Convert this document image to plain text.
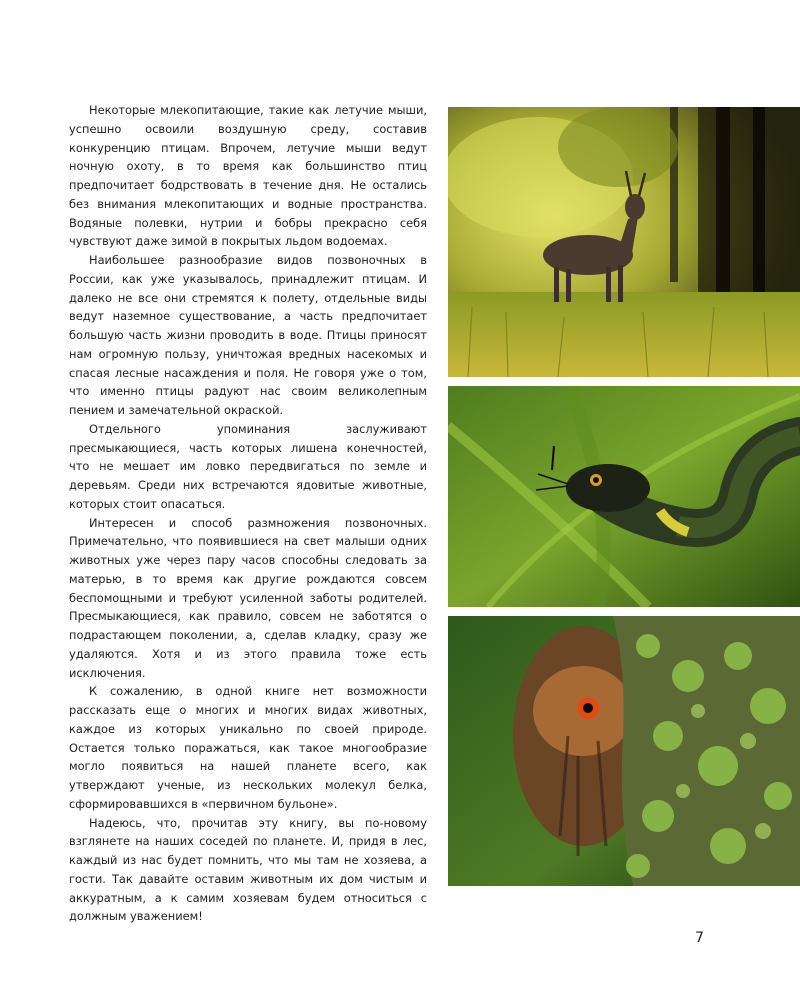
Некоторые млекопитающие, такие как летучие мыши, успешно освоили воздушную среду, составив конкуренцию птицам. Впрочем, летучие мыши ведут ночную охоту, в то время как большинство птиц предпочитает бодрствовать в течение дня. Не остались без внимания млекопитающих и водные пространства. Водяные полевки, нутрии и бобры прекрасно себя чувствуют даже зимой в покрытых льдом водоемах.

Наибольшее разнообразие видов позвоночных в России, как уже указывалось, принадлежит птицам. И далеко не все они стремятся к полету, отдельные виды ведут наземное существование, а часть предпочитает большую часть жизни проводить в воде. Птицы приносят нам огромную пользу, уничтожая вредных насекомых и спасая лесные насаждения и поля. Не говоря уже о том, что именно птицы радуют нас своим великолепным пением и замечательной окраской.

Отдельного упоминания заслуживают пресмыкающиеся, часть которых лишена конечностей, что не мешает им ловко передвигаться по земле и деревьям. Среди них встречаются ядовитые животные, которых стоит опасаться.

Интересен и способ размножения позвоночных. Примечательно, что появившиеся на свет малыши одних животных уже через пару часов способны следовать за матерью, в то время как другие рождаются совсем беспомощными и требуют усиленной заботы родителей. Пресмыкающиеся, как правило, совсем не заботятся о подрастающем поколении, а, сделав кладку, сразу же удаляются. Хотя и из этого правила тоже есть исключения.

К сожалению, в одной книге нет возможности рассказать еще о многих и многих видах животных, каждое из которых уникально по своей природе. Остается только поражаться, как такое многообразие могло появиться на нашей планете всего, как утверждают ученые, из нескольких молекул белка, сформировавшихся в «первичном бульоне».

Надеюсь, что, прочитав эту книгу, вы по-новому взглянете на наших соседей по планете. И, придя в лес, каждый из нас будет помнить, что мы там не хозяева, а гости. Так давайте оставим животным их дом чистым и аккуратным, а к самим хозяевам будем относиться с должным уважением!

7
